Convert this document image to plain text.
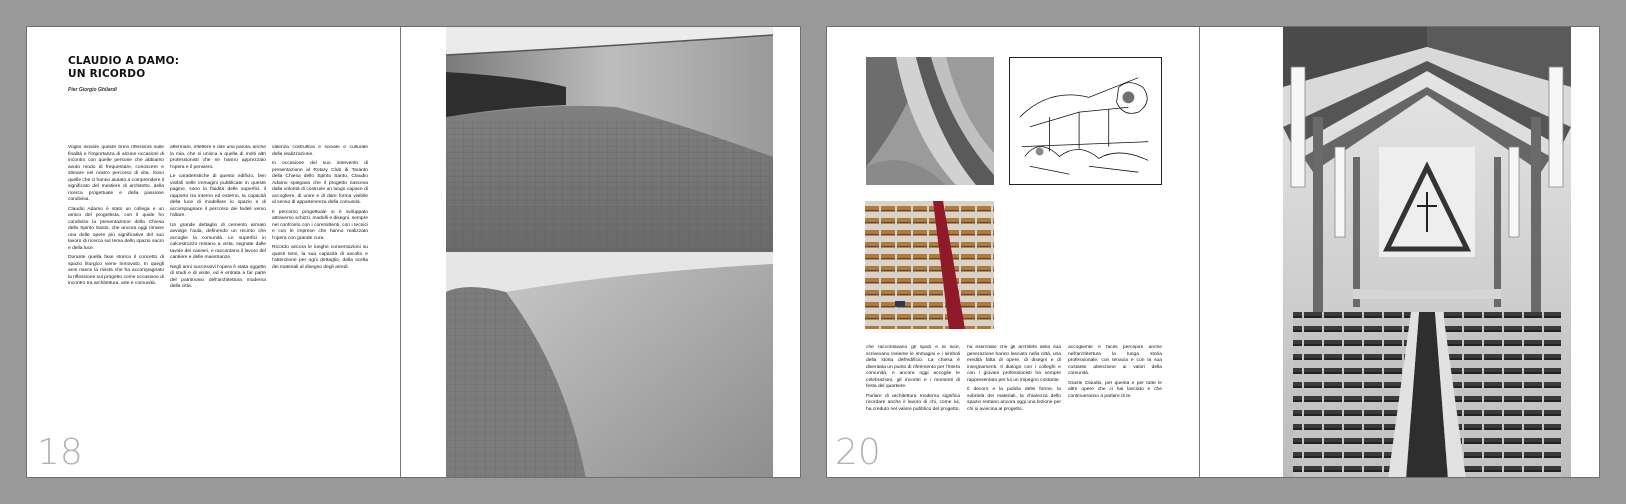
CLAUDIO A DAMO:
UN RICORDO

Pier Giorgio Ghilardi

Voglio iniziare queste brevi riflessioni sulle finalità e l'importanza di alcune occasioni di incontro con quelle persone che abbiamo avuto modo di frequentare, conoscere e stimare nel nostro percorso di vita. Sono quelle che ci hanno aiutato a comprendere il significato del mestiere di architetto, della ricerca progettuale e della passione condivisa.

Claudio Adamo è stato un collega e un amico del progettista, con il quale ho condiviso la presentazione della Chiesa dello Spirito Santo, che ancora oggi rimane una delle opere più significative del suo lavoro di ricerca sul tema dello spazio sacro e della luce.

Durante quella fase storica il concetto di spazio liturgico viene rinnovato. In quegli anni nasce la rivista che ha accompagnato la riflessione sul progetto come occasione di incontro tra architettura, arte e comunità.

affermare, riflettere e dire una parola, anche la mia, che si unisca a quella di molti altri professionisti che ne hanno apprezzato l'opera e il pensiero.

Le caratteristiche di questo edificio, ben visibili nelle immagini pubblicate in queste pagine, sono la fluidità delle superfici, il rapporto tra interno ed esterno, la capacità della luce di modellare lo spazio e di accompagnare il percorso dei fedeli verso l'altare.

Un grande dettaglio di cemento armato avvolge l'aula, definendo un recinto che accoglie la comunità. Le superfici in calcestruzzo restano a vista, segnate dalle tavole dei casseri, e raccontano il lavoro del cantiere e delle maestranze.

Negli anni successivi l'opera è stata oggetto di studi e di visite, ed è entrata a far parte del patrimonio dell'architettura moderna della città.

valenza costruttiva e sociale e culturale della realizzazione.

In occasione del suo intervento di presentazione al Rotary Club di Taranto della Chiesa dello Spirito Santo, Claudio Adamo spiegava che il progetto nasceva dalla volontà di costruire un luogo capace di accogliere, di unire e di dare forma visibile al senso di appartenenza della comunità.

Il percorso progettuale si è sviluppato attraverso schizzi, modelli e disegni, sempre nel confronto con i committenti, con i tecnici e con le imprese che hanno realizzato l'opera con grande cura.

Ricordo ancora le lunghe conversazioni su questi temi, la sua capacità di ascolto e l'attenzione per ogni dettaglio, dalla scelta dei materiali al disegno degli arredi.

18

che raccontavano gli spazi e la luce, scrivevano insieme le immagini e i simboli della storia dell'edificio. La chiesa è diventata un punto di riferimento per l'intera comunità, e ancora oggi accoglie le celebrazioni, gli incontri e i momenti di festa del quartiere.

Parlare di architettura moderna significa ricordare anche il lavoro di chi, come lui, ha creduto nel valore pubblico del progetto.

ha esercitato che gli architetti della sua generazione hanno lasciato nella città, una eredità fatta di opere, di disegni e di insegnamenti. Il dialogo con i colleghi e con i giovani professionisti ha sempre rappresentato per lui un impegno costante.

Il decoro e la pulizia delle forme, la sobrietà dei materiali, la chiarezza dello spazio restano ancora oggi una lezione per chi si avvicina al progetto.

accogliente e faceli percepire anche nell'architettura la lunga storia professionale, con tenacia e con la sua costante attenzione ai valori della comunità.

Grazie Claudio, per questa e per tutte le altre opere che ci hai lasciato e che continueranno a parlare di te.

20
